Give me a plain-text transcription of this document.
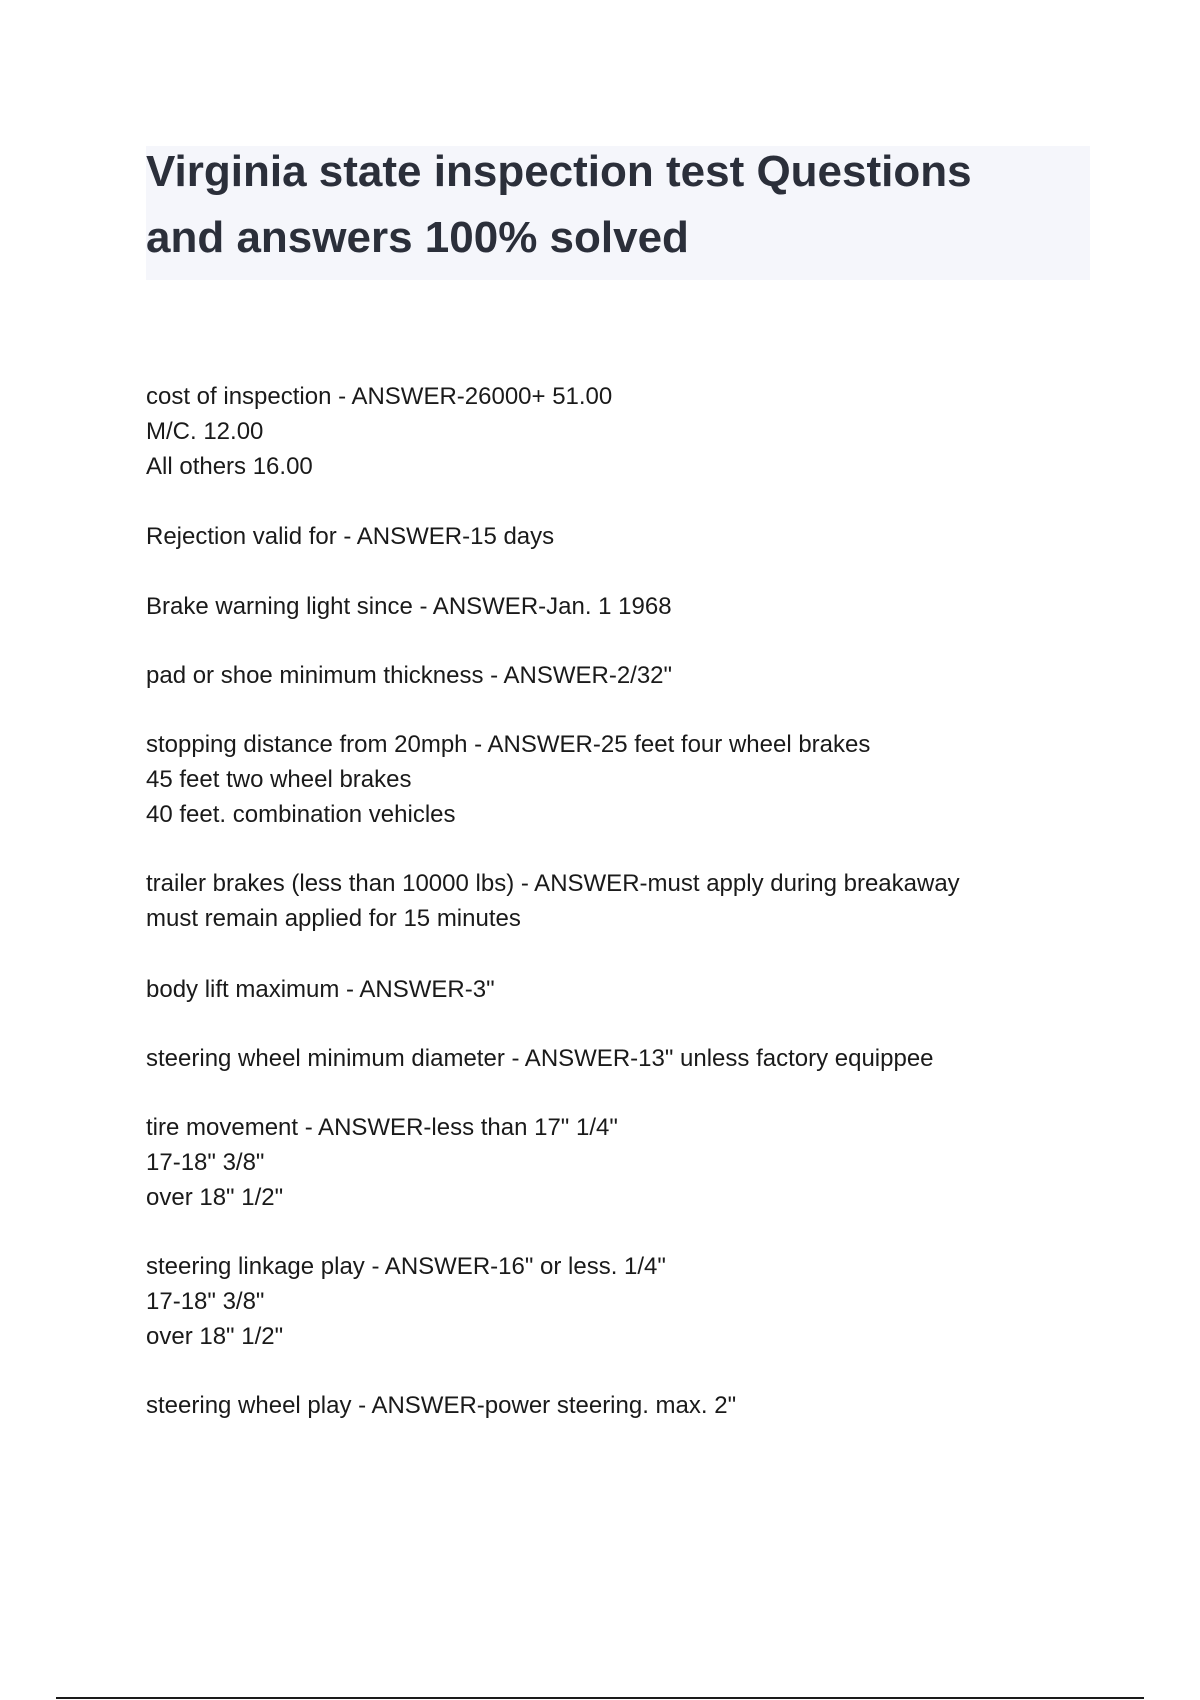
Virginia state inspection test Questions
and answers 100% solved
cost of inspection - ANSWER-26000+ 51.00
M/C. 12.00
All others 16.00
Rejection valid for - ANSWER-15 days
Brake warning light since - ANSWER-Jan. 1 1968
pad or shoe minimum thickness - ANSWER-2/32"
stopping distance from 20mph - ANSWER-25 feet four wheel brakes
45 feet two wheel brakes
40 feet. combination vehicles
trailer brakes (less than 10000 lbs) - ANSWER-must apply during breakaway
must remain applied for 15 minutes
body lift maximum - ANSWER-3"
steering wheel minimum diameter - ANSWER-13" unless factory equippee
tire movement - ANSWER-less than 17" 1/4"
17-18" 3/8"
over 18" 1/2"
steering linkage play - ANSWER-16" or less. 1/4"
17-18" 3/8"
over 18" 1/2"
steering wheel play - ANSWER-power steering. max. 2"
